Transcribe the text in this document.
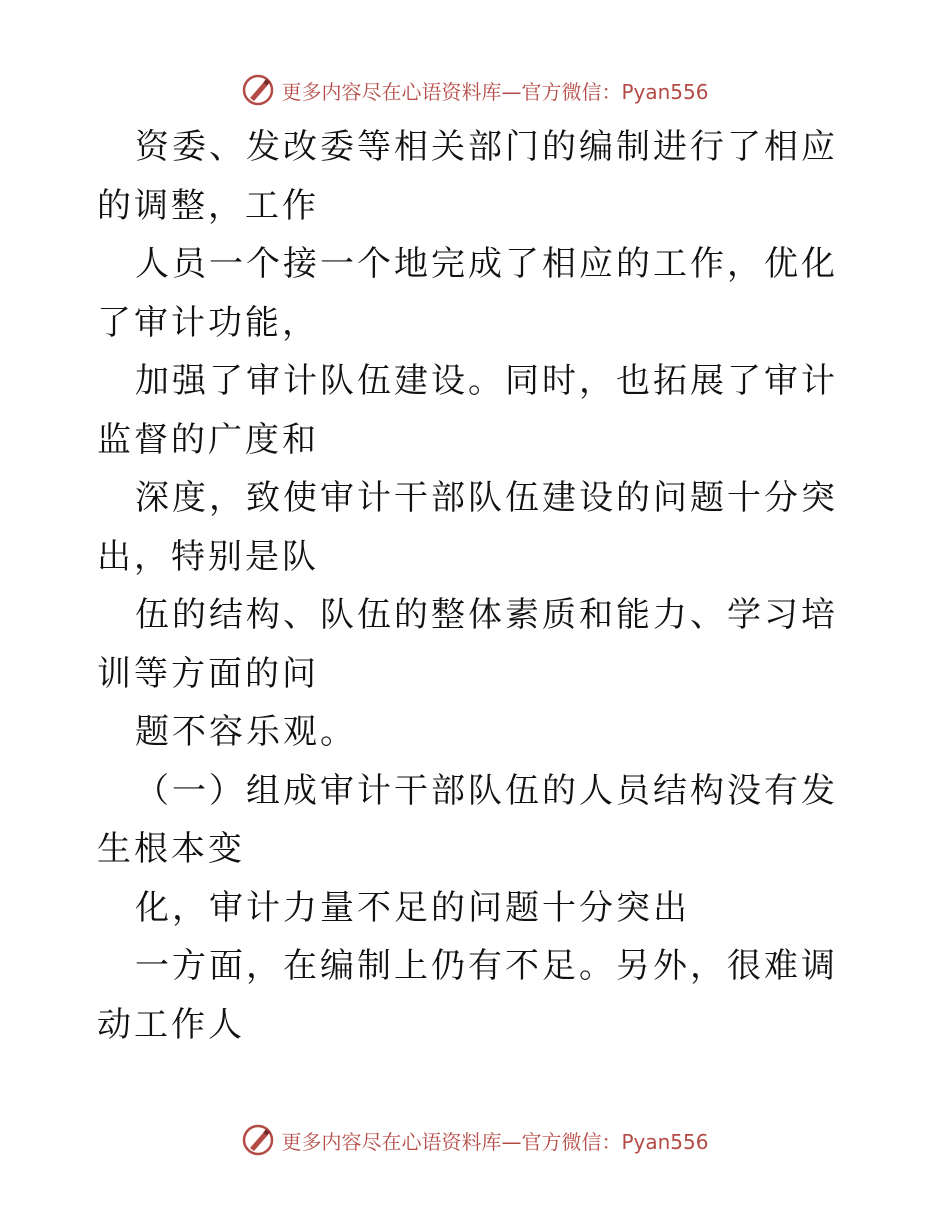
更多内容尽在心语资料库—官方微信：Pyan556

资委、发改委等相关部门的编制进行了相应的调整，工作

人员一个接一个地完成了相应的工作，优化了审计功能，

加强了审计队伍建设。同时，也拓展了审计监督的广度和

深度，致使审计干部队伍建设的问题十分突出，特别是队

伍的结构、队伍的整体素质和能力、学习培训等方面的问

题不容乐观。

（一）组成审计干部队伍的人员结构没有发生根本变

化，审计力量不足的问题十分突出

一方面，在编制上仍有不足。另外，很难调动工作人

更多内容尽在心语资料库—官方微信：Pyan556
